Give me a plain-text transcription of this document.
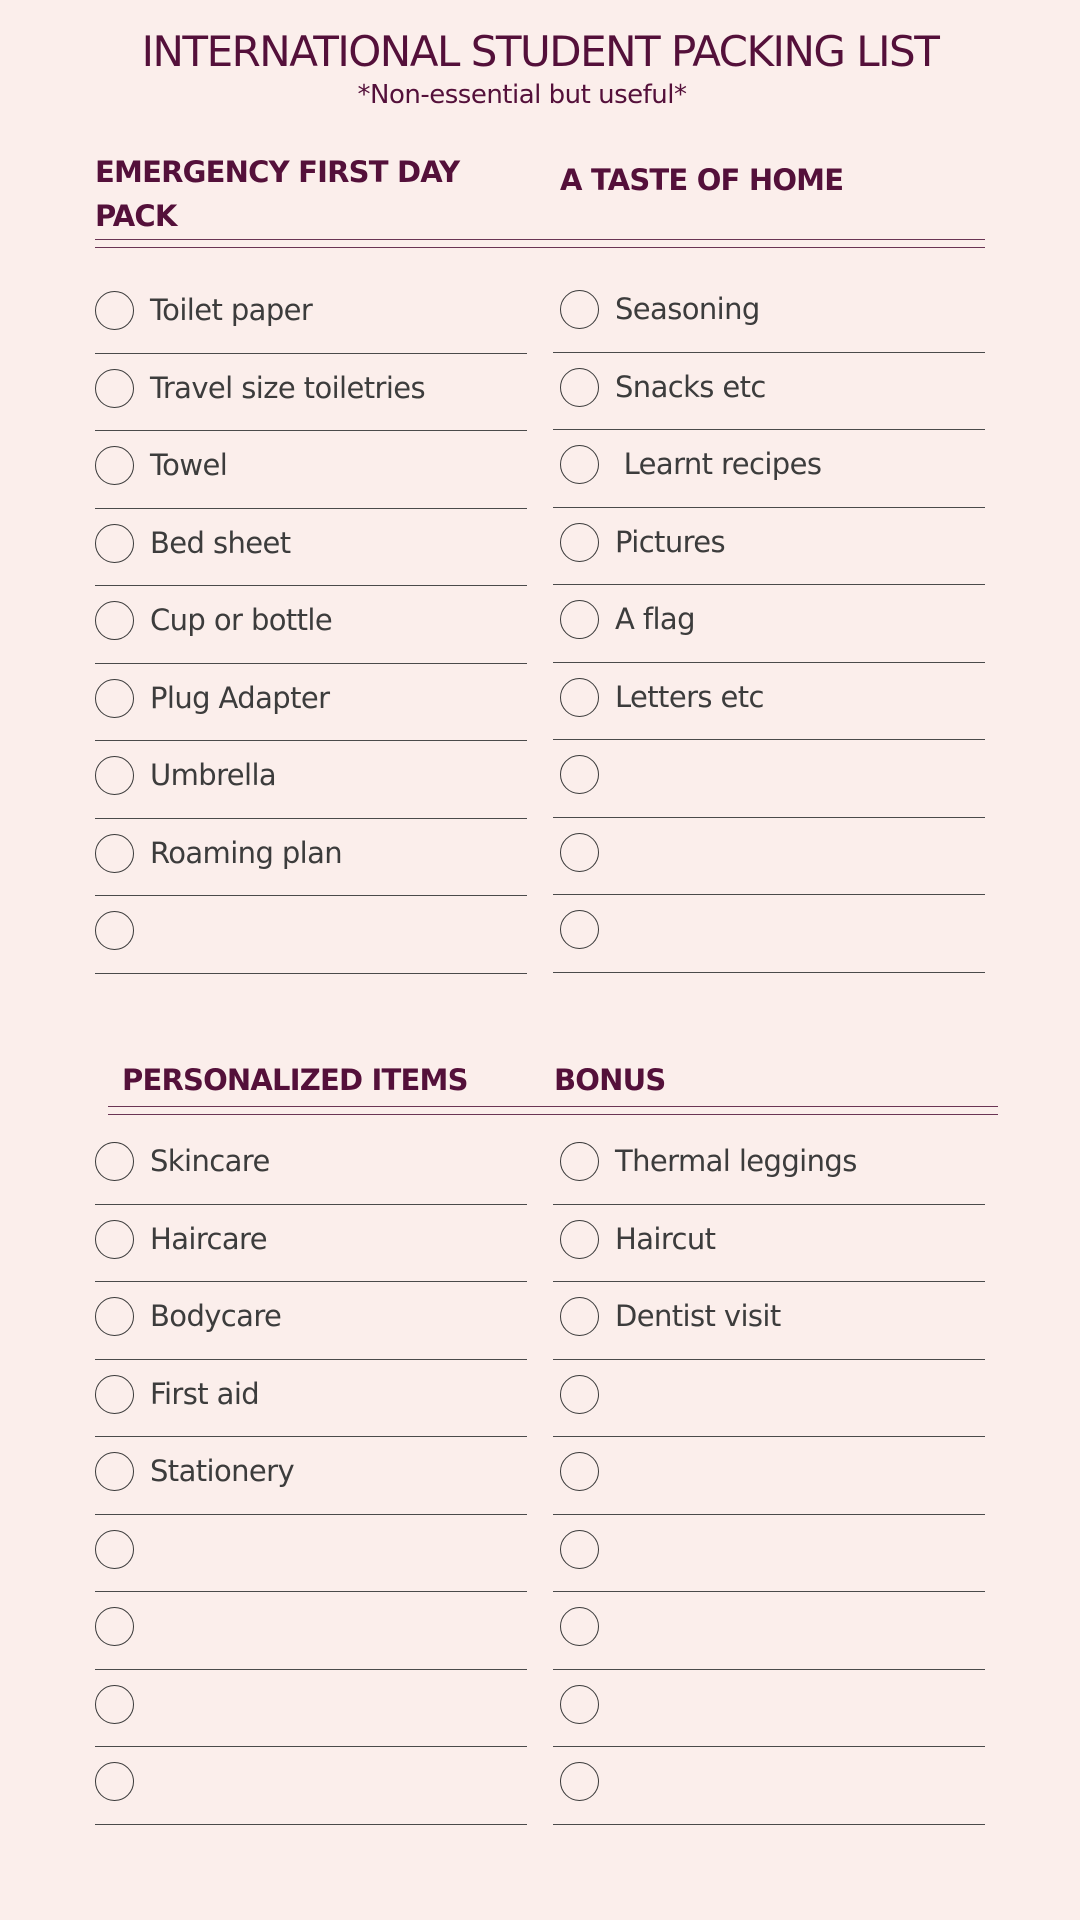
INTERNATIONAL STUDENT PACKING LIST
*Non-essential but useful*
EMERGENCY FIRST DAY PACK
A TASTE OF HOME
PERSONALIZED ITEMS	BONUS
Toilet paper
Travel size toiletries
Towel
Bed sheet
Cup or bottle
Plug Adapter
Umbrella
Roaming plan
Seasoning
Snacks etc
Learnt recipes
Pictures
A flag
Letters etc
Skincare
Haircare
Bodycare
First aid
Stationery
Thermal leggings
Haircut
Dentist visit
